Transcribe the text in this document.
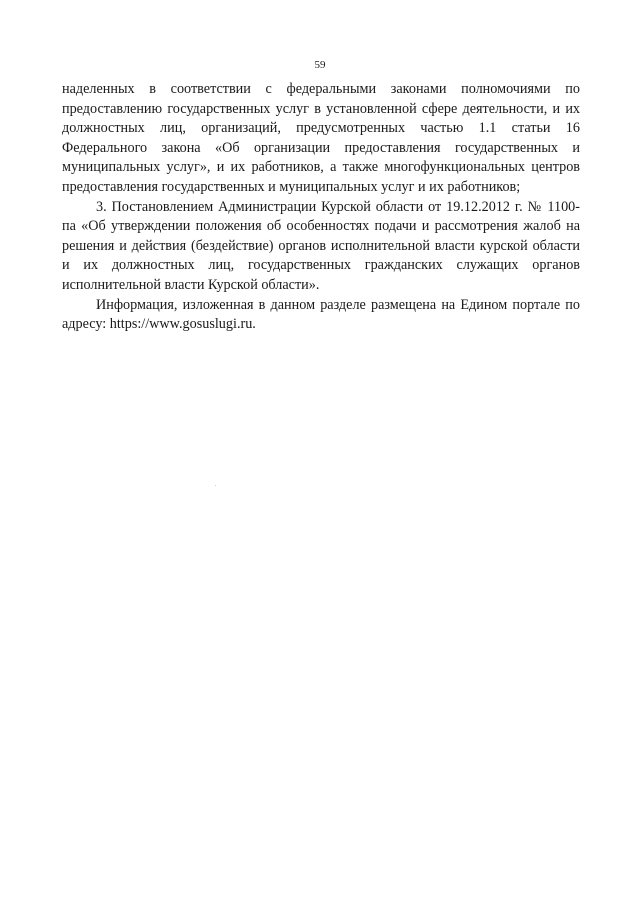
59

наделенных в соответствии с федеральными законами полномочиями по предоставлению государственных услуг в установленной сфере деятельности, и их должностных лиц, организаций, предусмотренных частью 1.1 статьи 16 Федерального закона «Об организации предоставления государственных и муниципальных услуг», и их работников, а также многофункциональных центров предоставления государственных и муниципальных услуг и их работников;

3. Постановлением Администрации Курской области от 19.12.2012 г. № 1100-па «Об утверждении положения об особенностях подачи и рассмотрения жалоб на решения и действия (бездействие) органов исполнительной власти курской области и их должностных лиц, государственных гражданских служащих органов исполнительной власти Курской области».

Информация, изложенная в данном разделе размещена на Едином портале по адресу: https://www.gosuslugi.ru.
